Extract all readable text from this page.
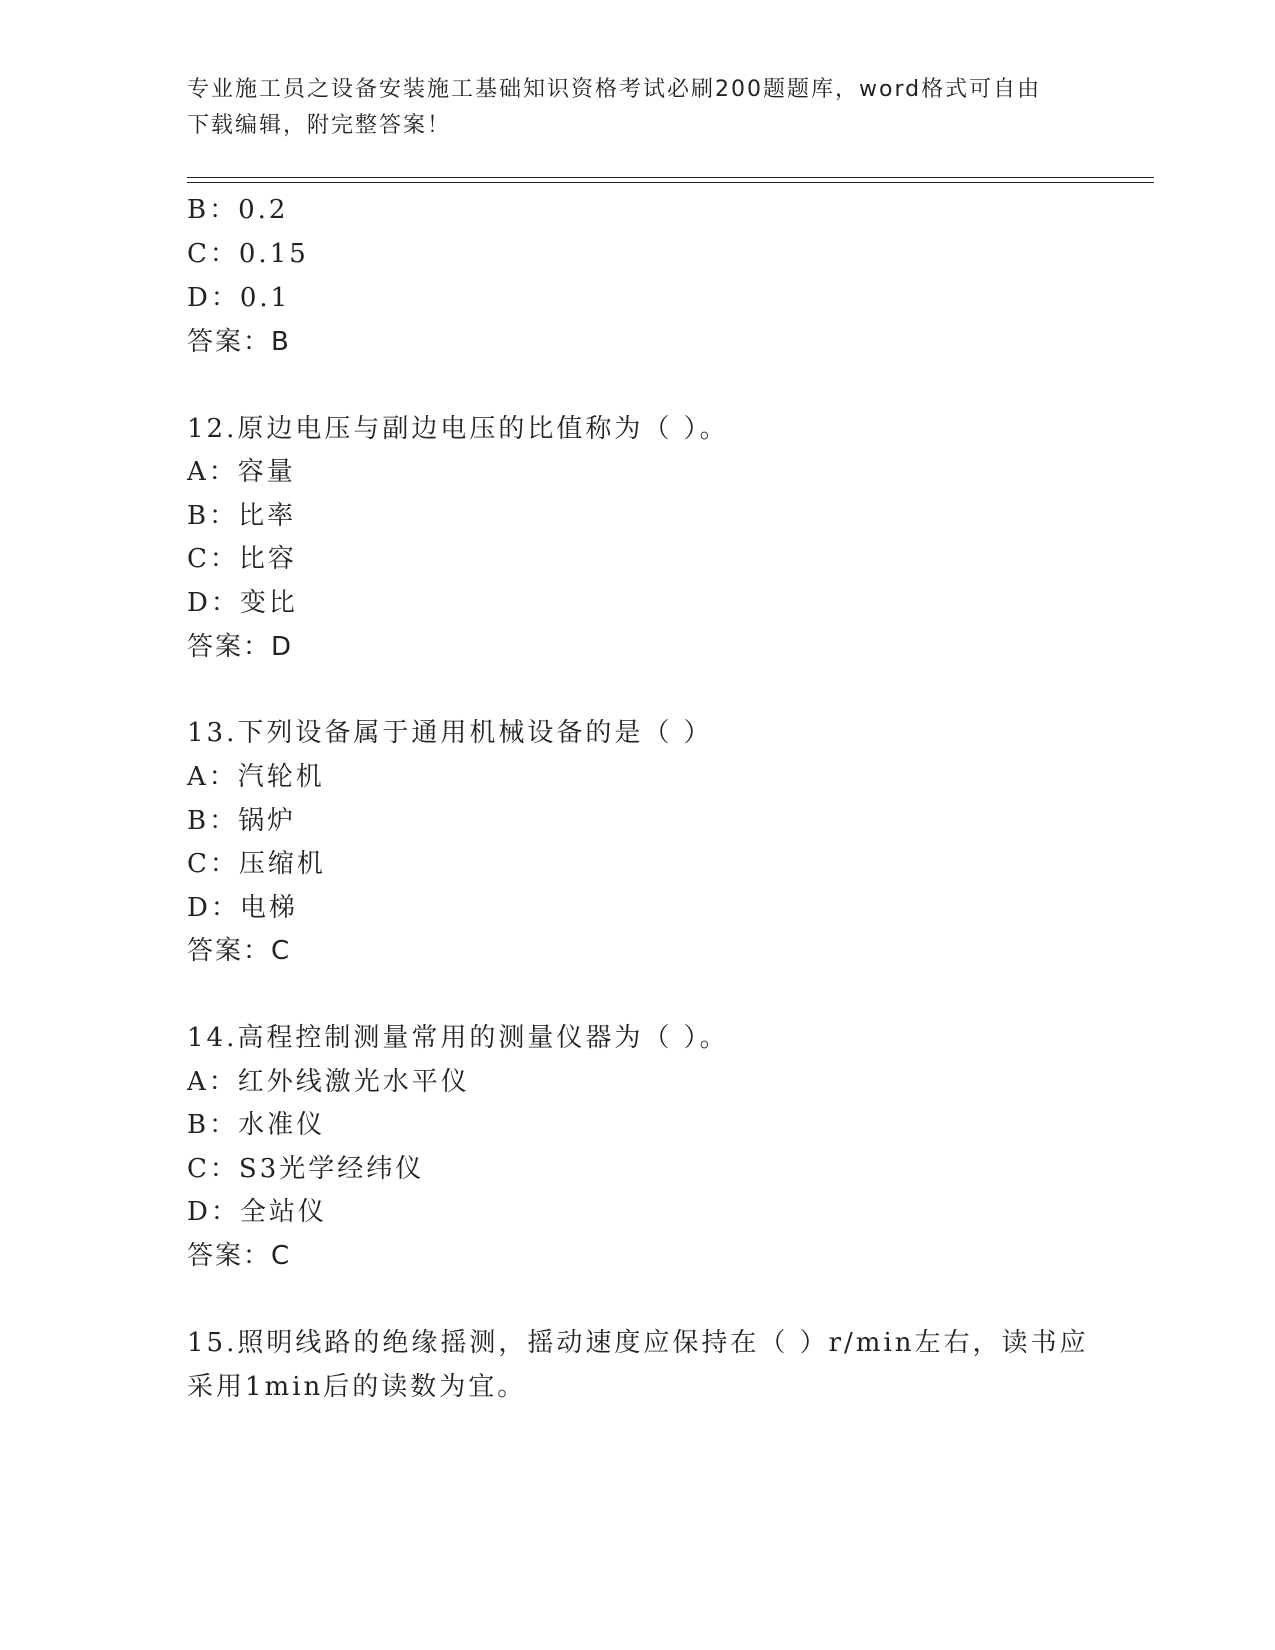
专业施工员之设备安装施工基础知识资格考试必刷200题题库，word格式可自由
下载编辑，附完整答案！
B：0.2
C：0.15
D：0.1
答案：B
12.原边电压与副边电压的比值称为（ ）。
A：容量
B：比率
C：比容
D：变比
答案：D
13.下列设备属于通用机械设备的是（ ）
A：汽轮机
B：锅炉
C：压缩机
D：电梯
答案：C
14.高程控制测量常用的测量仪器为（ ）。
A：红外线激光水平仪
B：水准仪
C：S3光学经纬仪
D：全站仪
答案：C
15.照明线路的绝缘摇测，摇动速度应保持在（ ）r/min左右，读书应
采用1min后的读数为宜。
